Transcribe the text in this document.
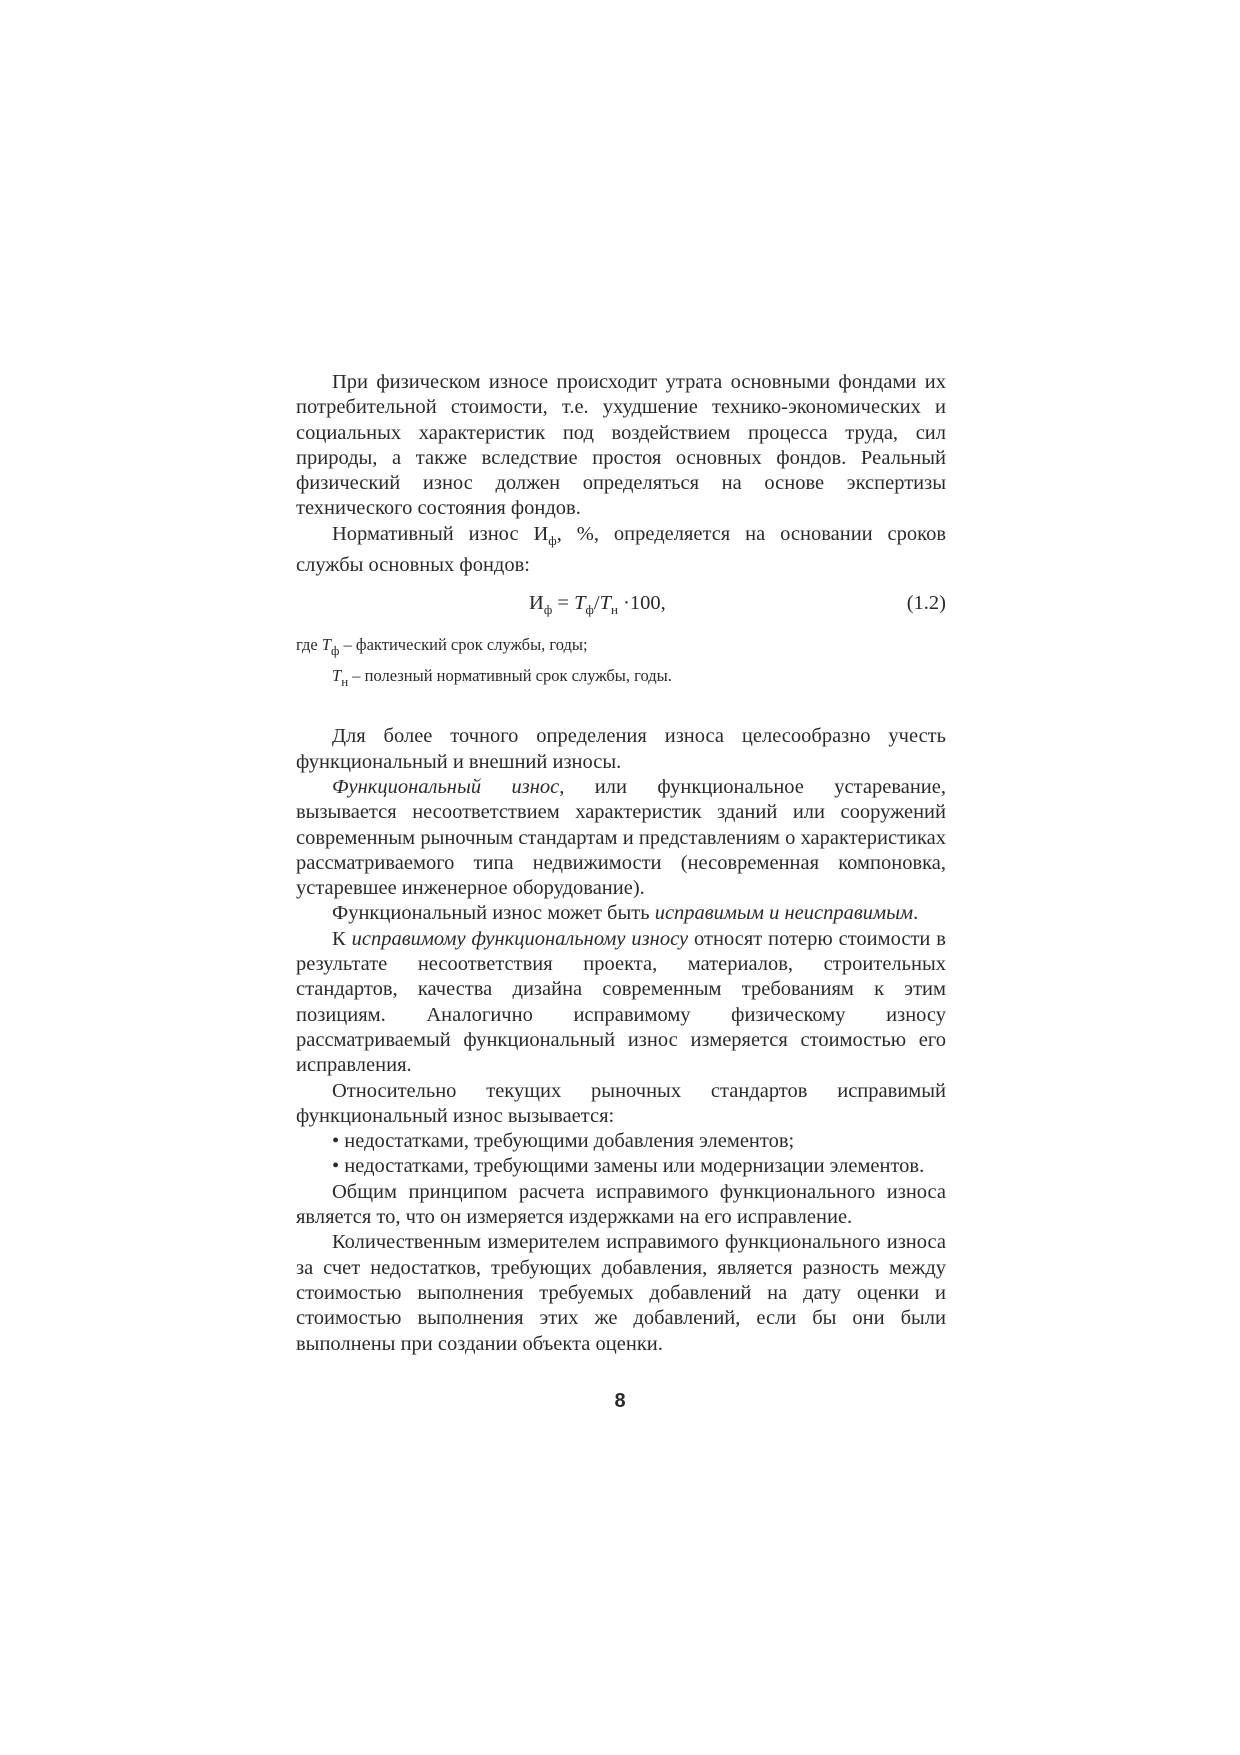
При физическом износе происходит утрата основными фондами их потребительной стоимости, т.е. ухудшение технико-экономических и социальных характеристик под воздействием процесса труда, сил природы, а также вследствие простоя основных фондов. Реальный физический износ должен определяться на основе экспертизы технического состояния фондов.

Нормативный износ $И_ф$, %, определяется на основании сроков службы основных фондов:

$И_ф = T_ф/T_н \cdot 100$,	(1.2)
где $T_ф$ – фактический срок службы, годы;
$T_н$ – полезный нормативный срок службы, годы.

Для более точного определения износа целесообразно учесть функциональный и внешний износы.

Функциональный износ, или функциональное устаревание, вызывается несоответствием характеристик зданий или сооружений современным рыночным стандартам и представлениям о характеристиках рассматриваемого типа недвижимости (несовременная компоновка, устаревшее инженерное оборудование).

Функциональный износ может быть исправимым и неисправимым.

К исправимому функциональному износу относят потерю стоимости в результате несоответствия проекта, материалов, строительных стандартов, качества дизайна современным требованиям к этим позициям. Аналогично исправимому физическому износу рассматриваемый функциональный износ измеряется стоимостью его исправления.

Относительно текущих рыночных стандартов исправимый функциональный износ вызывается:

• недостатками, требующими добавления элементов;

• недостатками, требующими замены или модернизации элементов.

Общим принципом расчета исправимого функционального износа является то, что он измеряется издержками на его исправление.

Количественным измерителем исправимого функционального износа за счет недостатков, требующих добавления, является разность между стоимостью выполнения требуемых добавлений на дату оценки и стоимостью выполнения этих же добавлений, если бы они были выполнены при создании объекта оценки.

8
